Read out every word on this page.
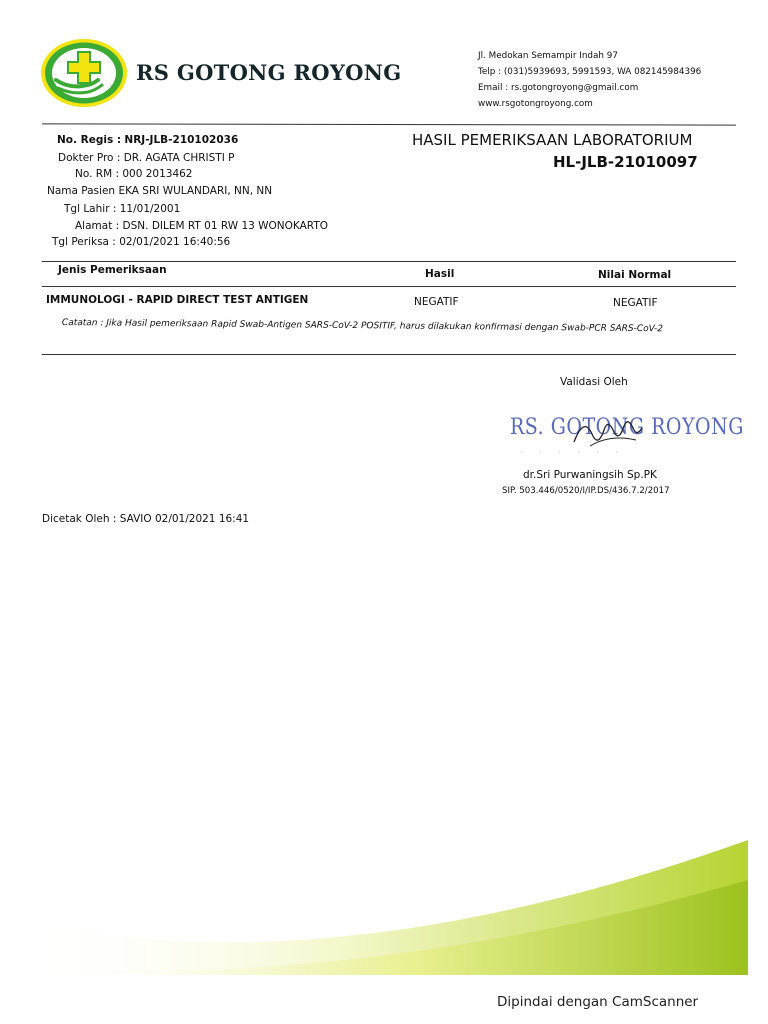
RS GOTONG ROYONG
Jl. Medokan Semampir Indah 97
Telp : (031)5939693, 5991593, WA 082145984396
Email : rs.gotongroyong@gmail.com
www.rsgotongroyong.com
No. Regis : NRJ-JLB-210102036
Dokter Pro : DR. AGATA CHRISTI P
No. RM : 000 2013462
Nama Pasien EKA SRI WULANDARI, NN, NN
Tgl Lahir : 11/01/2001
Alamat : DSN. DILEM RT 01 RW 13 WONOKARTO
Tgl Periksa : 02/01/2021 16:40:56
HASIL PEMERIKSAAN LABORATORIUM
HL-JLB-21010097
Jenis Pemeriksaan	Hasil	Nilai Normal
IMMUNOLOGI - RAPID DIRECT TEST ANTIGEN	NEGATIF	NEGATIF
Catatan : Jika Hasil pemeriksaan Rapid Swab-Antigen SARS-CoV-2 POSITIF, harus dilakukan konfirmasi dengan Swab-PCR SARS-CoV-2
Validasi Oleh
RS. GOTONG ROYONG
· · · · · ·
dr.Sri Purwaningsih Sp.PK
SIP. 503.446/0520/I/IP.DS/436.7.2/2017
Dicetak Oleh : SAVIO 02/01/2021 16:41
Dipindai dengan CamScanner
